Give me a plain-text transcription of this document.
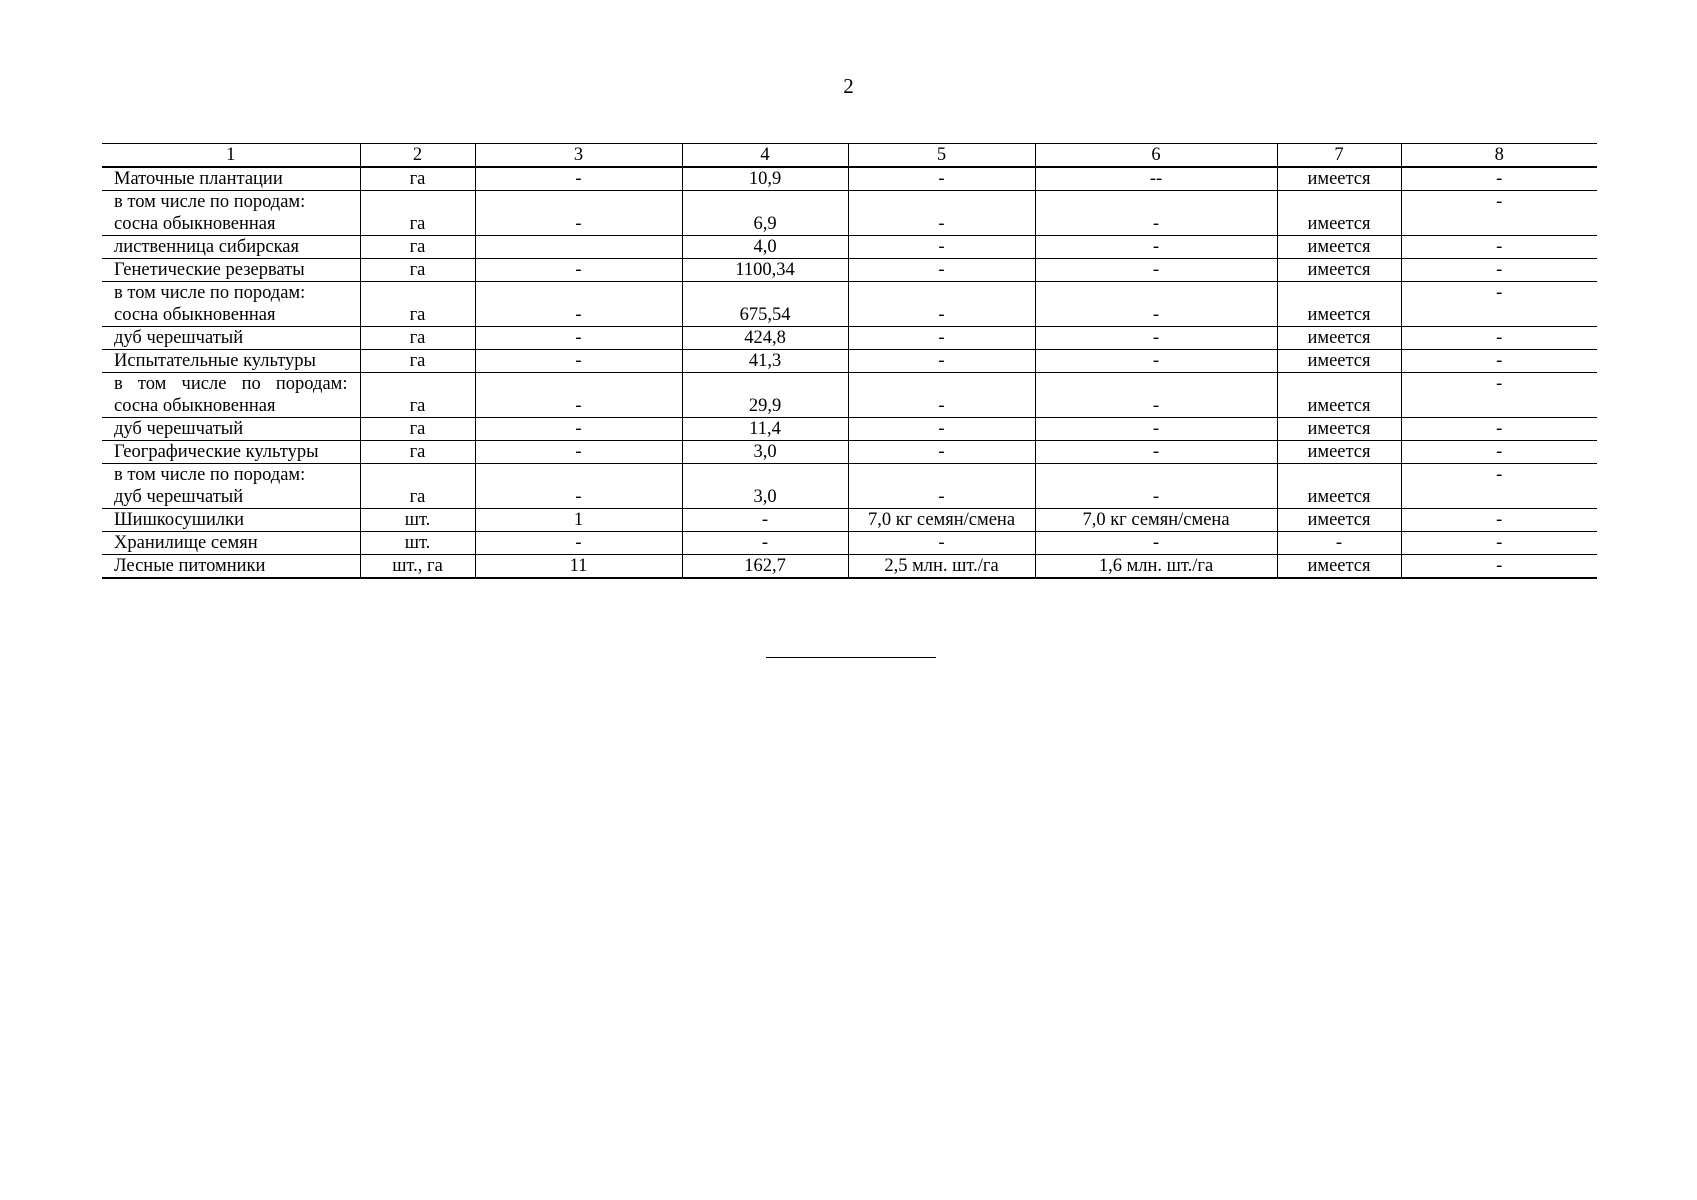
2
1	2	3	4	5	6	7	8

Маточные плантации	га	-	10,9	-	--	имеется	-

в том числе по породам:
сосна обыкновенная	га	-	6,9	-	-	имеется	-

лиственница сибирская	га		4,0	-	-	имеется	-

Генетические резерваты	га	-	1100,34	-	-	имеется	-

в том числе по породам:
сосна обыкновенная	га	-	675,54	-	-	имеется	-

дуб черешчатый	га	-	424,8	-	-	имеется	-

Испытательные культуры	га	-	41,3	-	-	имеется	-

в том числе по породам:
сосна обыкновенная	га	-	29,9	-	-	имеется	-

дуб черешчатый	га	-	11,4	-	-	имеется	-

Географические культуры	га	-	3,0	-	-	имеется	-

в том числе по породам:
дуб черешчатый	га	-	3,0	-	-	имеется	-

Шишкосушилки	шт.	1	-	7,0 кг семян/смена	7,0 кг семян/смена	имеется	-

Хранилище семян	шт.	-	-	-	-	-	-

Лесные питомники	шт., га	11	162,7	2,5 млн. шт./га	1,6 млн. шт./га	имеется	-
